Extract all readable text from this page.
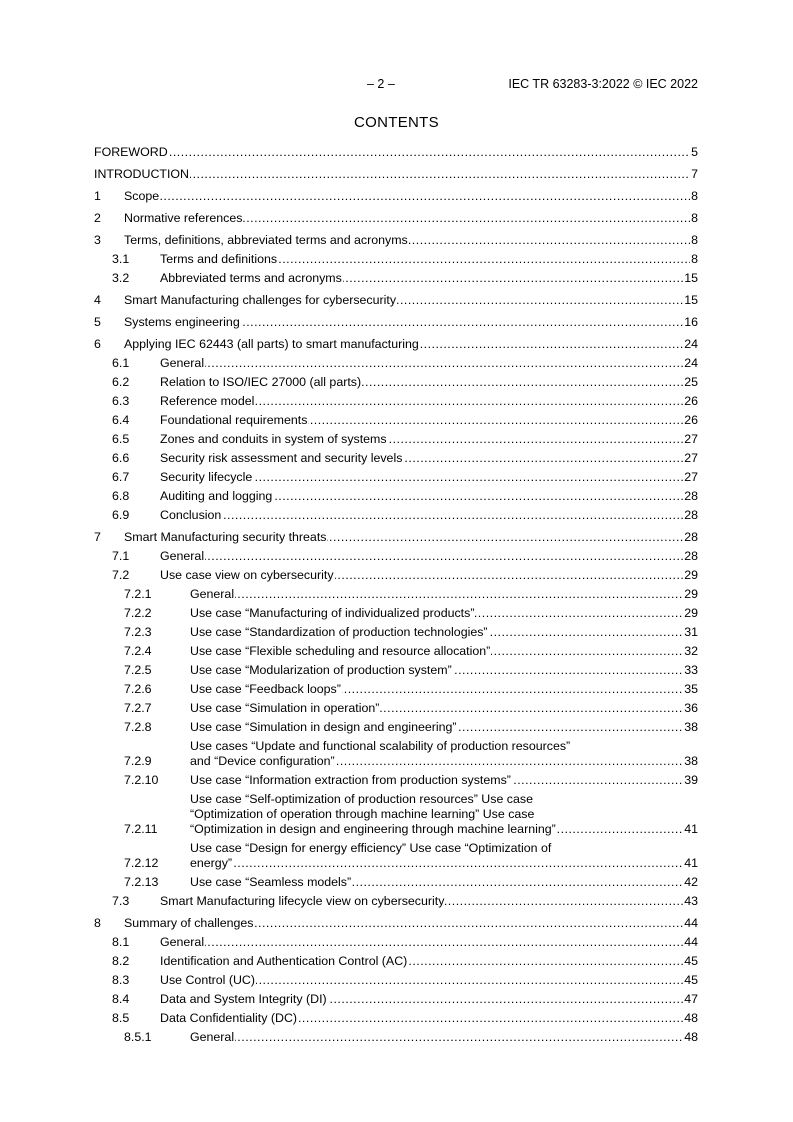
– 2 –	IEC TR 63283-3:2022 © IEC 2022
CONTENTS
FOREWORD .....	5
INTRODUCTION .....	7
1	Scope .....	8
2	Normative references .....	8
3	Terms, definitions, abbreviated terms and acronyms .....	8
3.1	Terms and definitions .....	8
3.2	Abbreviated terms and acronyms .....	15
4	Smart Manufacturing challenges for cybersecurity .....	15
5	Systems engineering .....	16
6	Applying IEC 62443 (all parts) to smart manufacturing .....	24
6.1	General .....	24
6.2	Relation to ISO/IEC 27000 (all parts) .....	25
6.3	Reference model .....	26
6.4	Foundational requirements .....	26
6.5	Zones and conduits in system of systems .....	27
6.6	Security risk assessment and security levels .....	27
6.7	Security lifecycle .....	27
6.8	Auditing and logging .....	28
6.9	Conclusion .....	28
7	Smart Manufacturing security threats .....	28
7.1	General .....	28
7.2	Use case view on cybersecurity .....	29
7.2.1	General .....	29
7.2.2	Use case “Manufacturing of individualized products” .....	29
7.2.3	Use case “Standardization of production technologies” .....	31
7.2.4	Use case “Flexible scheduling and resource allocation” .....	32
7.2.5	Use case “Modularization of production system” .....	33
7.2.6	Use case “Feedback loops” .....	35
7.2.7	Use case “Simulation in operation” .....	36
7.2.8	Use case “Simulation in design and engineering” .....	38
7.2.9
Use cases “Update and functional scalability of production resources”
and “Device configuration” .....	38
7.2.10	Use case “Information extraction from production systems” .....	39
7.2.11
Use case “Self-optimization of production resources” Use case
“Optimization of operation through machine learning” Use case
“Optimization in design and engineering through machine learning” .....	41
7.2.12
Use case “Design for energy efficiency” Use case “Optimization of
energy” .....	41
7.2.13	Use case “Seamless models” .....	42
7.3	Smart Manufacturing lifecycle view on cybersecurity .....	43
8	Summary of challenges .....	44
8.1	General .....	44
8.2	Identification and Authentication Control (AC) .....	45
8.3	Use Control (UC) .....	45
8.4	Data and System Integrity (DI) .....	47
8.5	Data Confidentiality (DC) .....	48
8.5.1	General .....	48
